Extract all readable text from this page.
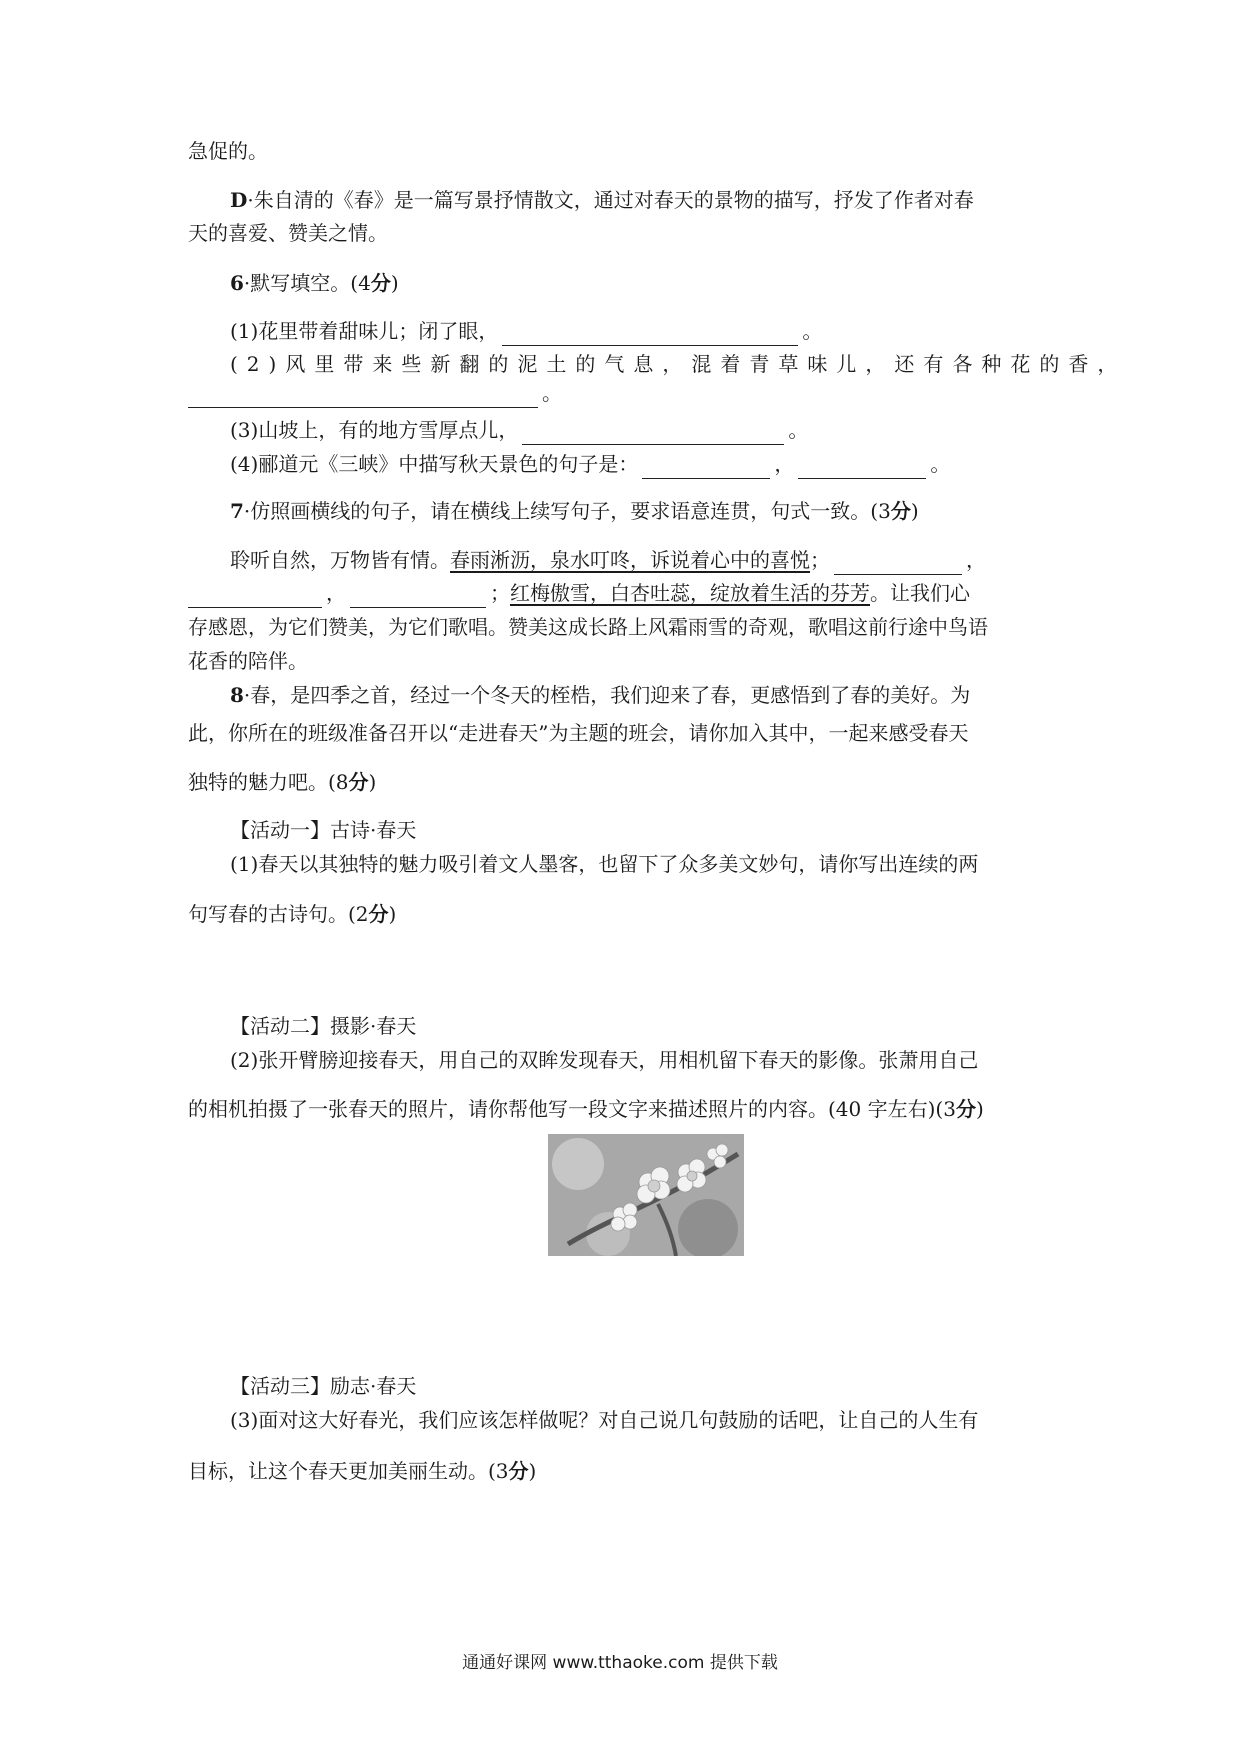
急促的。
D·朱自清的《春》是一篇写景抒情散文，通过对春天的景物的描写，抒发了作者对春
天的喜爱、赞美之情。
6·默写填空。(4分)
(1)花里带着甜味儿；闭了眼，	。
(2)风里带来些新翻的泥土的气息，混着青草味儿，还有各种花的香，
。
(3)山坡上，有的地方雪厚点儿，	。
(4)郦道元《三峡》中描写秋天景色的句子是：	，	。
7·仿照画横线的句子，请在横线上续写句子，要求语意连贯，句式一致。(3分)
聆听自然，万物皆有情。春雨淅沥，泉水叮咚，诉说着心中的喜悦；	，
，	；红梅傲雪，白杏吐蕊，绽放着生活的芬芳。让我们心
存感恩，为它们赞美，为它们歌唱。赞美这成长路上风霜雨雪的奇观，歌唱这前行途中鸟语
花香的陪伴。
8·春，是四季之首，经过一个冬天的桎梏，我们迎来了春，更感悟到了春的美好。为
此，你所在的班级准备召开以“走进春天”为主题的班会，请你加入其中，一起来感受春天
独特的魅力吧。(8分)
【活动一】古诗·春天
(1)春天以其独特的魅力吸引着文人墨客，也留下了众多美文妙句，请你写出连续的两
句写春的古诗句。(2分)
【活动二】摄影·春天
(2)张开臂膀迎接春天，用自己的双眸发现春天，用相机留下春天的影像。张萧用自己
的相机拍摄了一张春天的照片，请你帮他写一段文字来描述照片的内容。(40 字左右)(3分)
【活动三】励志·春天
(3)面对这大好春光，我们应该怎样做呢？对自己说几句鼓励的话吧，让自己的人生有
目标，让这个春天更加美丽生动。(3分)
通通好课网 www.tthaoke.com 提供下载
